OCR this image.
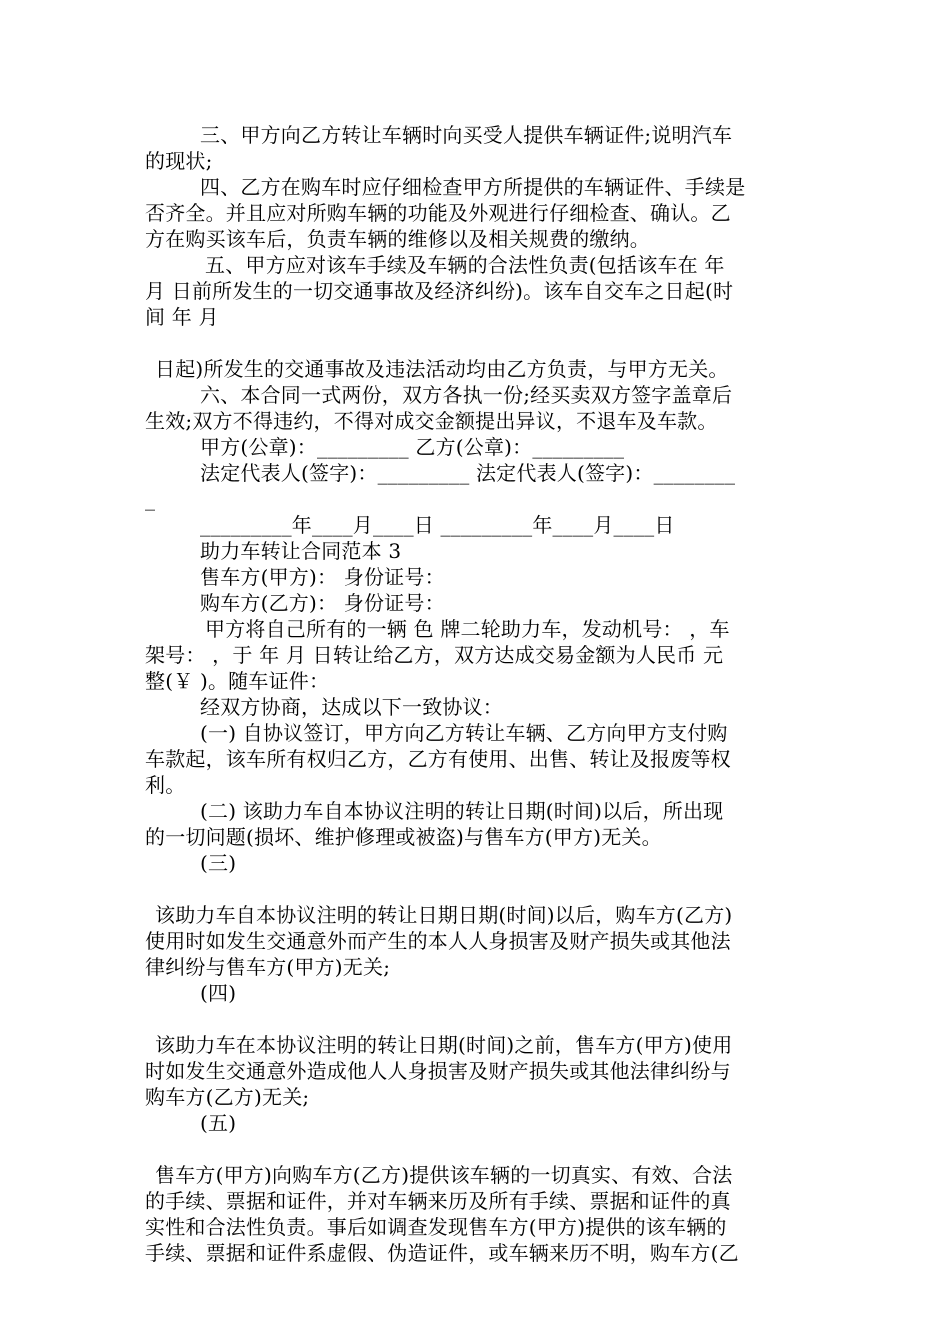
三、甲方向乙方转让车辆时向买受人提供车辆证件;说明汽车
的现状;
四、乙方在购车时应仔细检查甲方所提供的车辆证件、手续是
否齐全。并且应对所购车辆的功能及外观进行仔细检查、确认。乙
方在购买该车后，负责车辆的维修以及相关规费的缴纳。
五、甲方应对该车手续及车辆的合法性负责(包括该车在 年
月 日前所发生的一切交通事故及经济纠纷)。该车自交车之日起(时
间 年 月
日起)所发生的交通事故及违法活动均由乙方负责，与甲方无关。
六、本合同一式两份，双方各执一份;经买卖双方签字盖章后
生效;双方不得违约，不得对成交金额提出异议，不退车及车款。
甲方(公章)：_________ 乙方(公章)：_________
法定代表人(签字)：_________ 法定代表人(签字)：________
_
_________年____月____日 _________年____月____日
助力车转让合同范本 3
售车方(甲方)： 身份证号：
购车方(乙方)： 身份证号：
甲方将自己所有的一辆 色 牌二轮助力车，发动机号： ，车
架号： ，于 年 月 日转让给乙方，双方达成交易金额为人民币 元
整(￥ )。随车证件：
经双方协商，达成以下一致协议：
(一) 自协议签订，甲方向乙方转让车辆、乙方向甲方支付购
车款起，该车所有权归乙方，乙方有使用、出售、转让及报废等权
利。
(二) 该助力车自本协议注明的转让日期(时间)以后，所出现
的一切问题(损坏、维护修理或被盗)与售车方(甲方)无关。
(三)
该助力车自本协议注明的转让日期日期(时间)以后，购车方(乙方)
使用时如发生交通意外而产生的本人人身损害及财产损失或其他法
律纠纷与售车方(甲方)无关;
(四)
该助力车在本协议注明的转让日期(时间)之前，售车方(甲方)使用
时如发生交通意外造成他人人身损害及财产损失或其他法律纠纷与
购车方(乙方)无关;
(五)
售车方(甲方)向购车方(乙方)提供该车辆的一切真实、有效、合法
的手续、票据和证件，并对车辆来历及所有手续、票据和证件的真
实性和合法性负责。事后如调查发现售车方(甲方)提供的该车辆的
手续、票据和证件系虚假、伪造证件，或车辆来历不明，购车方(乙
